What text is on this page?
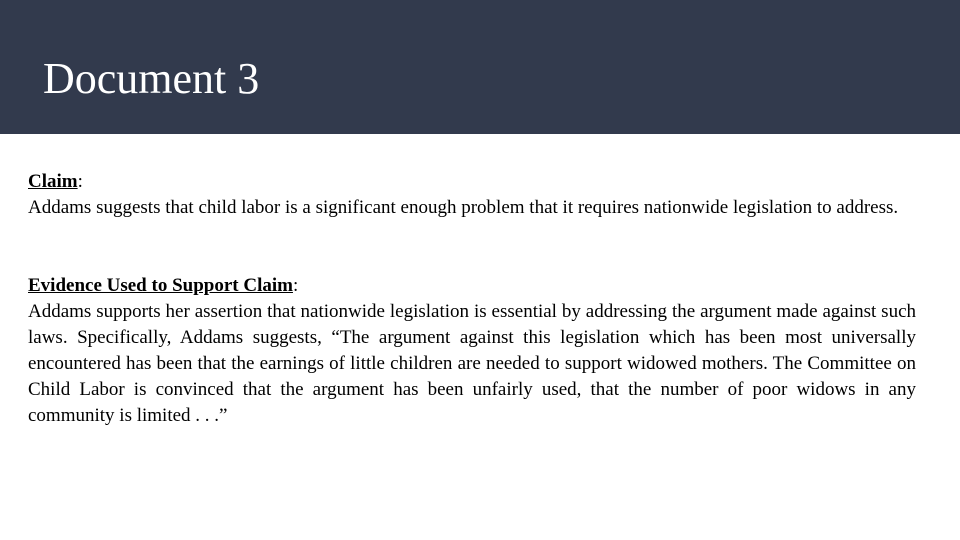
Document 3

Claim:

Addams suggests that child labor is a significant enough problem that it requires nationwide legislation to address.

Evidence Used to Support Claim:

Addams supports her assertion that nationwide legislation is essential by addressing the argument made against such laws. Specifically, Addams suggests, “The argument against this legislation which has been most universally encountered has been that the earnings of little children are needed to support widowed mothers. The Committee on Child Labor is convinced that the argument has been unfairly used, that the number of poor widows in any community is limited . . .”
